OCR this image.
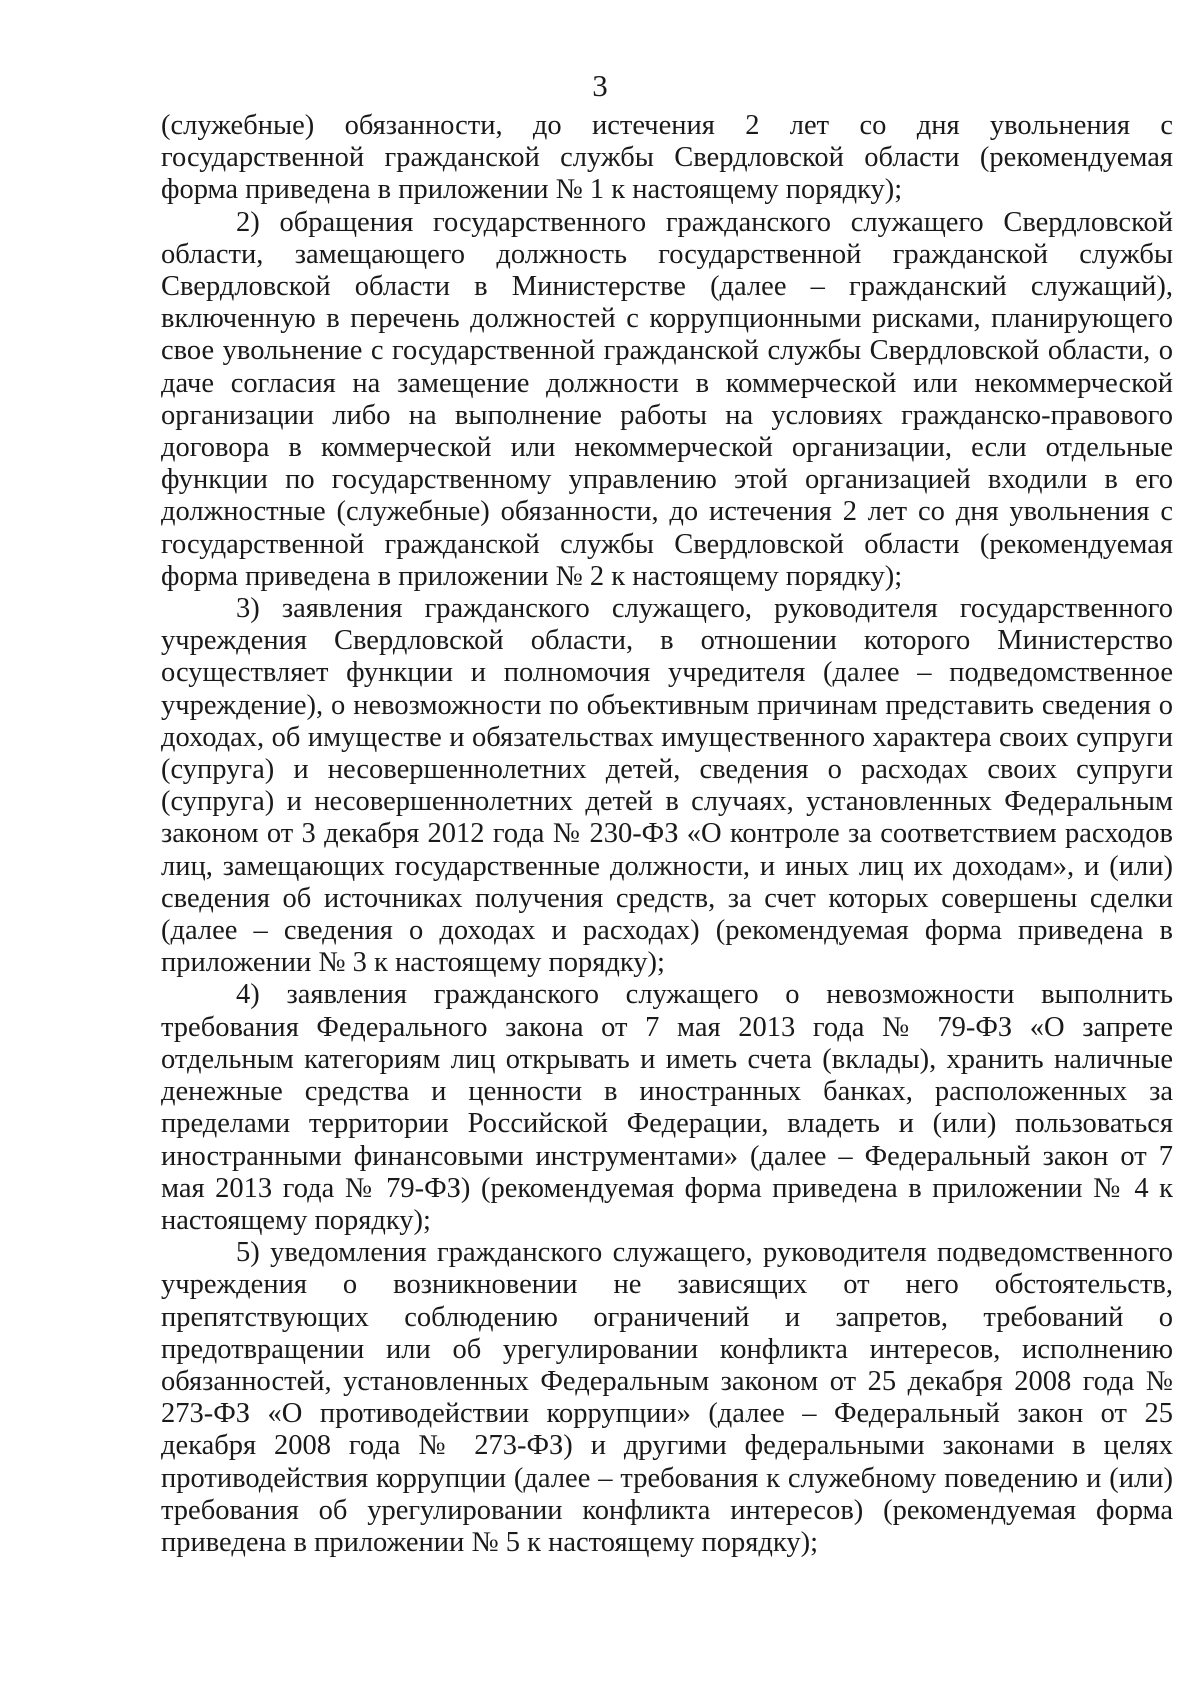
3

(служебные) обязанности, до истечения 2 лет со дня увольнения с государственной гражданской службы Свердловской области (рекомендуемая форма приведена в приложении № 1 к настоящему порядку);

2) обращения государственного гражданского служащего Свердловской области, замещающего должность государственной гражданской службы Свердловской области в Министерстве (далее – гражданский служащий), включенную в перечень должностей с коррупционными рисками, планирующего свое увольнение с государственной гражданской службы Свердловской области, о даче согласия на замещение должности в коммерческой или некоммерческой организации либо на выполнение работы на условиях гражданско-правового договора в коммерческой или некоммерческой организации, если отдельные функции по государственному управлению этой организацией входили в его должностные (служебные) обязанности, до истечения 2 лет со дня увольнения с государственной гражданской службы Свердловской области (рекомендуемая форма приведена в приложении № 2 к настоящему порядку);

3) заявления гражданского служащего, руководителя государственного учреждения Свердловской области, в отношении которого Министерство осуществляет функции и полномочия учредителя (далее – подведомственное учреждение), о невозможности по объективным причинам представить сведения о доходах, об имуществе и обязательствах имущественного характера своих супруги (супруга) и несовершеннолетних детей, сведения о расходах своих супруги (супруга) и несовершеннолетних детей в случаях, установленных Федеральным законом от 3 декабря 2012 года № 230-ФЗ «О контроле за соответствием расходов лиц, замещающих государственные должности, и иных лиц их доходам», и (или) сведения об источниках получения средств, за счет которых совершены сделки (далее – сведения о доходах и расходах) (рекомендуемая форма приведена в приложении № 3 к настоящему порядку);

4) заявления гражданского служащего о невозможности выполнить требования Федерального закона от 7 мая 2013 года № 79-ФЗ «О запрете отдельным категориям лиц открывать и иметь счета (вклады), хранить наличные денежные средства и ценности в иностранных банках, расположенных за пределами территории Российской Федерации, владеть и (или) пользоваться иностранными финансовыми инструментами» (далее – Федеральный закон от 7 мая 2013 года № 79-ФЗ) (рекомендуемая форма приведена в приложении № 4 к настоящему порядку);

5) уведомления гражданского служащего, руководителя подведомственного учреждения о возникновении не зависящих от него обстоятельств, препятствующих соблюдению ограничений и запретов, требований о предотвращении или об урегулировании конфликта интересов, исполнению обязанностей, установленных Федеральным законом от 25 декабря 2008 года № 273-ФЗ «О противодействии коррупции» (далее – Федеральный закон от 25 декабря 2008 года № 273-ФЗ) и другими федеральными законами в целях противодействия коррупции (далее – требования к служебному поведению и (или) требования об урегулировании конфликта интересов) (рекомендуемая форма приведена в приложении № 5 к настоящему порядку);
